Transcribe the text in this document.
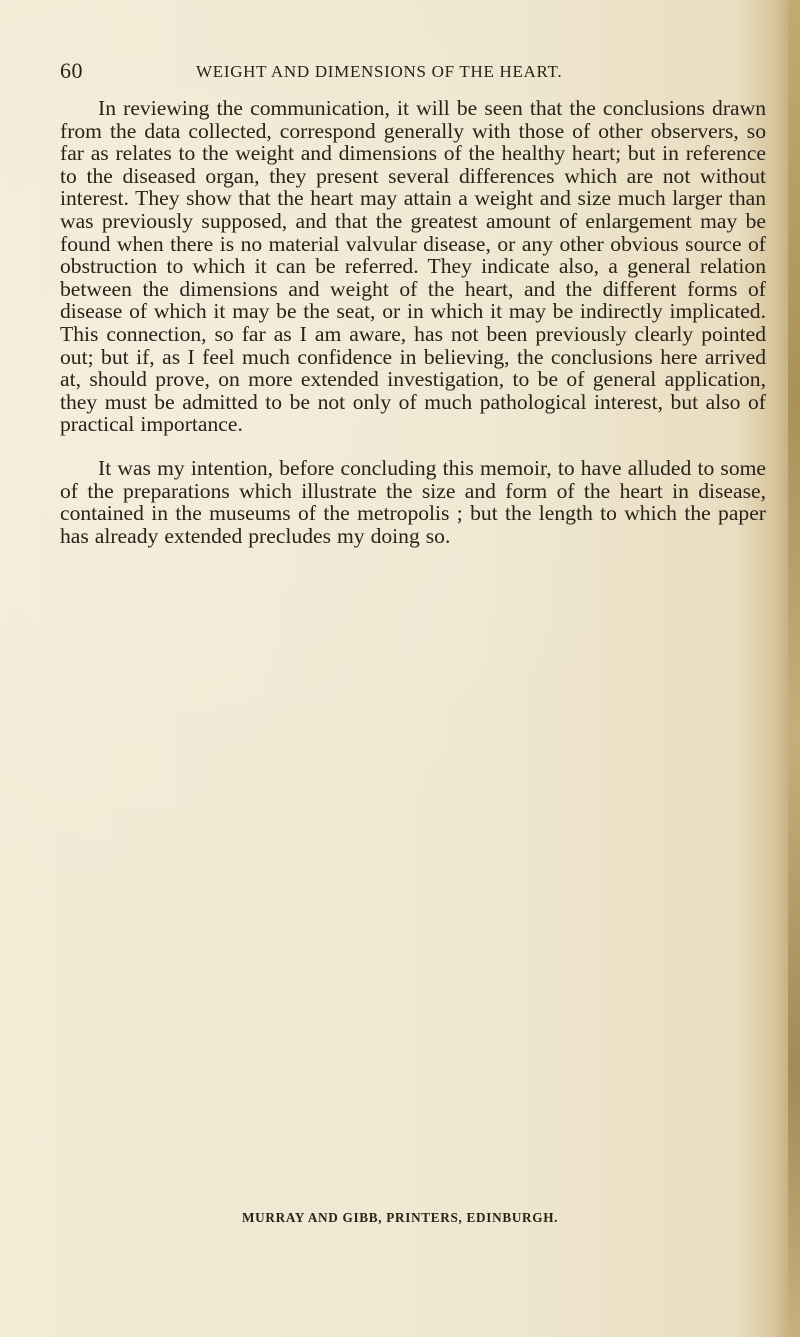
60	WEIGHT AND DIMENSIONS OF THE HEART.

In reviewing the communication, it will be seen that the conclusions drawn from the data collected, correspond generally with those of other observers, so far as relates to the weight and dimensions of the healthy heart; but in reference to the diseased organ, they present several differences which are not without interest. They show that the heart may attain a weight and size much larger than was previously supposed, and that the greatest amount of enlargement may be found when there is no material valvular disease, or any other obvious source of obstruction to which it can be referred. They indicate also, a general relation between the dimensions and weight of the heart, and the different forms of disease of which it may be the seat, or in which it may be indirectly implicated. This connection, so far as I am aware, has not been previously clearly pointed out; but if, as I feel much confidence in believing, the conclusions here arrived at, should prove, on more extended investigation, to be of general application, they must be admitted to be not only of much pathological interest, but also of practical importance.

It was my intention, before concluding this memoir, to have alluded to some of the preparations which illustrate the size and form of the heart in disease, contained in the museums of the metropolis ; but the length to which the paper has already extended precludes my doing so.

MURRAY AND GIBB, PRINTERS, EDINBURGH.
